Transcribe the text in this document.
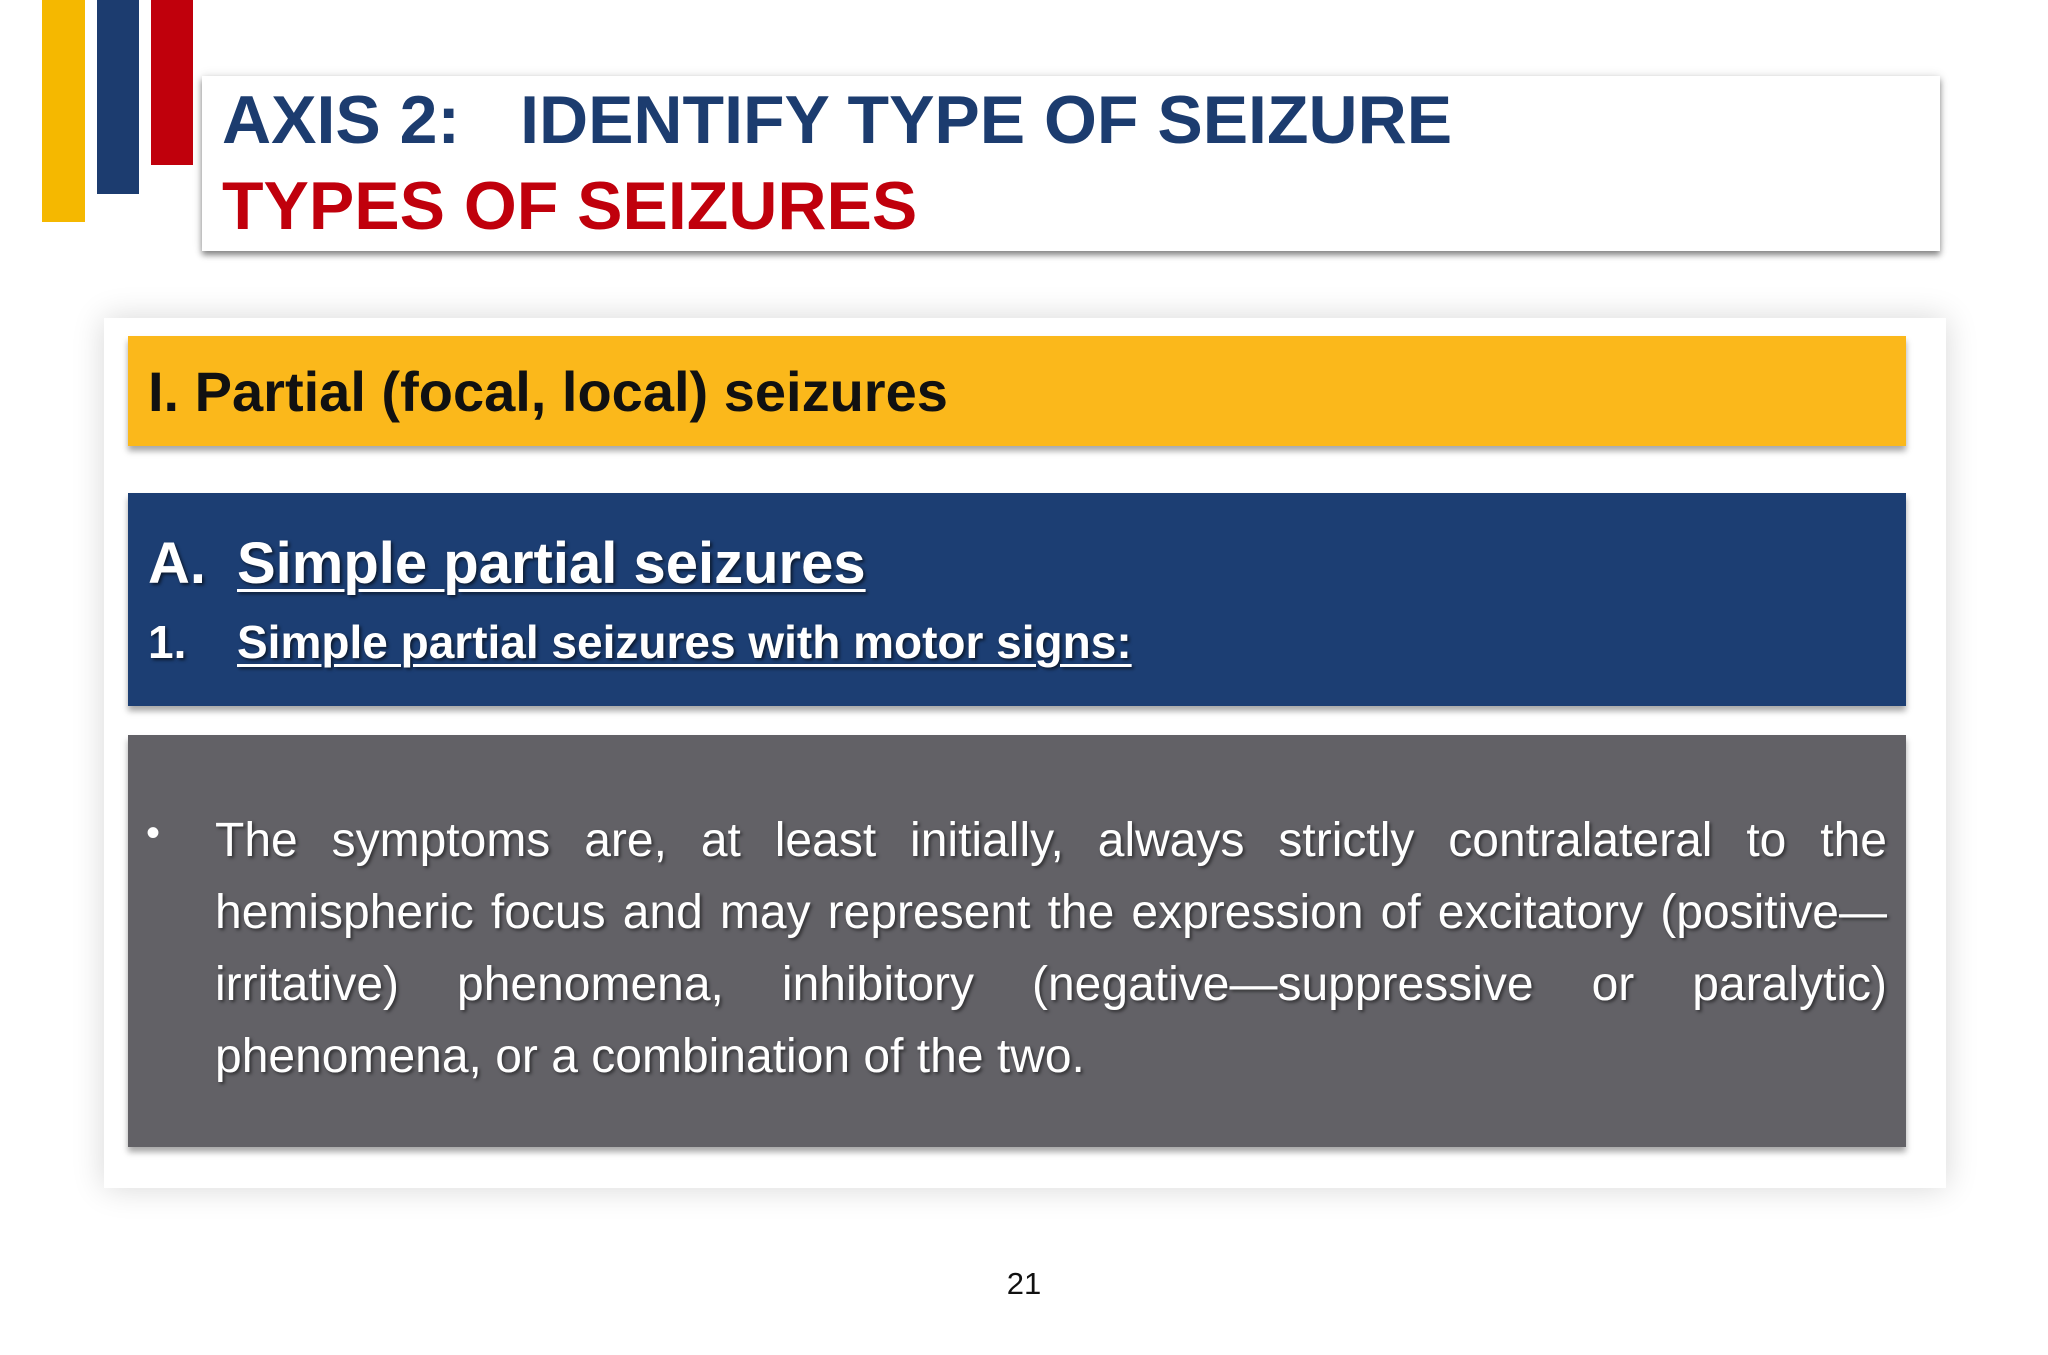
AXIS 2: IDENTIFY TYPE OF SEIZURE
TYPES OF SEIZURES

I. Partial (focal, local) seizures

A. Simple partial seizures
1. Simple partial seizures with motor signs:
• The symptoms are, at least initially, always strictly contralateral to the hemispheric focus and may represent the expression of excitatory (positive—irritative) phenomena, inhibitory (negative—suppressive or paralytic) phenomena, or a combination of the two.

21
